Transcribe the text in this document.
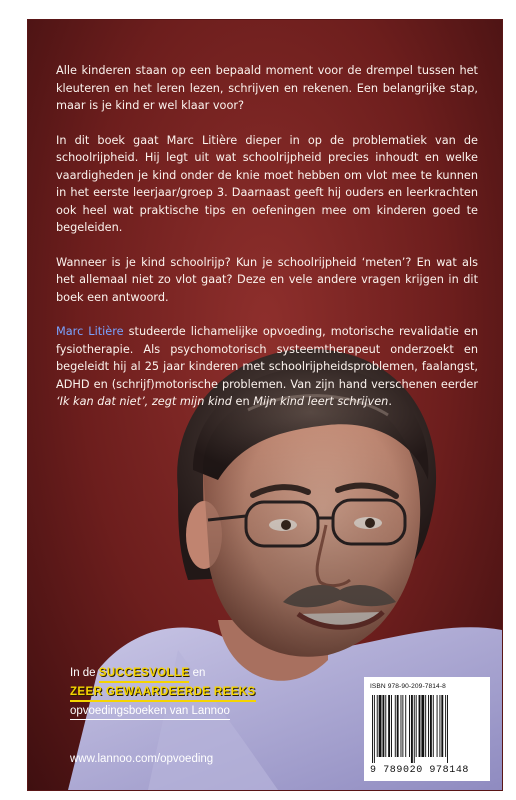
Alle kinderen staan op een bepaald moment voor de drempel tussen het kleuteren en het leren lezen, schrijven en rekenen. Een belangrijke stap, maar is je kind er wel klaar voor?

In dit boek gaat Marc Litière dieper in op de problematiek van de schoolrijpheid. Hij legt uit wat schoolrijpheid precies inhoudt en welke vaardigheden je kind onder de knie moet hebben om vlot mee te kunnen in het eerste leerjaar/groep 3. Daarnaast geeft hij ouders en leerkrachten ook heel wat praktische tips en oefeningen mee om kinderen goed te begeleiden.

Wanneer is je kind schoolrijp? Kun je schoolrijpheid ‘meten’? En wat als het allemaal niet zo vlot gaat? Deze en vele andere vragen krijgen in dit boek een antwoord.

Marc Litière studeerde lichamelijke opvoeding, motorische revalidatie en fysiotherapie. Als psychomotorisch systeemtherapeut onderzoekt en begeleidt hij al 25 jaar kinderen met schoolrijpheidsproblemen, faalangst, ADHD en (schrijf)motorische problemen. Van zijn hand verschenen eerder ‘Ik kan dat niet’, zegt mijn kind en Mijn kind leert schrijven.

In de SUCCESVOLLE en
ZEER GEWAARDEERDE REEKS
opvoedingsboeken van Lannoo
www.lannoo.com/opvoeding
ISBN 978-90-209-7814-8
9 789020 978148
